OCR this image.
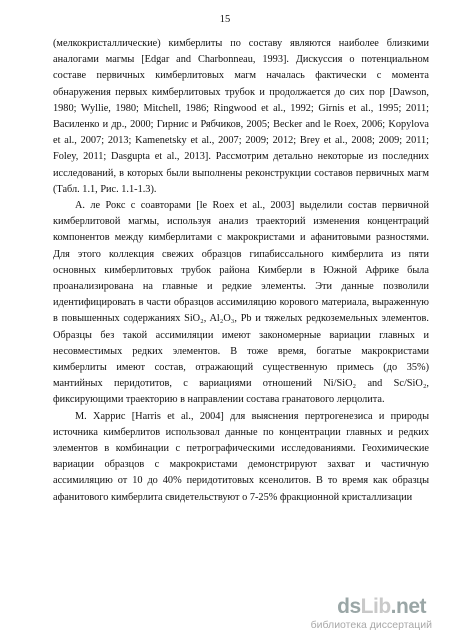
15

(мелкокристаллические) кимберлиты по составу являются наиболее близкими аналогами магмы [Edgar and Charbonneau, 1993]. Дискуссия о потенциальном составе первичных кимберлитовых магм началась фактически с момента обнаружения первых кимберлитовых трубок и продолжается до сих пор [Dawson, 1980; Wyllie, 1980; Mitchell, 1986; Ringwood et al., 1992; Girnis et al., 1995; 2011; Василенко и др., 2000; Гирнис и Рябчиков, 2005; Becker and le Roex, 2006; Kopylova et al., 2007; 2013; Kamenetsky et al., 2007; 2009; 2012; Brey et al., 2008; 2009; 2011; Foley, 2011; Dasgupta et al., 2013]. Рассмотрим детально некоторые из последних исследований, в которых были выполнены реконструкции составов первичных магм (Табл. 1.1, Рис. 1.1-1.3).

А. ле Рокс с соавторами [le Roex et al., 2003] выделили состав первичной кимберлитовой магмы, используя анализ траекторий изменения концентраций компонентов между кимберлитами с макрокристами и афанитовыми разностями. Для этого коллекция свежих образцов гипабиссального кимберлита из пяти основных кимберлитовых трубок района Кимберли в Южной Африке была проанализирована на главные и редкие элементы. Эти данные позволили идентифицировать в части образцов ассимиляцию корового материала, выраженную в повышенных содержаниях SiO₂, Al₂O₃, Pb и тяжелых редкоземельных элементов. Образцы без такой ассимиляции имеют закономерные вариации главных и несовместимых редких элементов. В тоже время, богатые макрокристами кимберлиты имеют состав, отражающий существенную примесь (до 35%) мантийных перидотитов, с вариациями отношений Ni/SiO₂ and Sc/SiO₂, фиксирующими траекторию в направлении состава гранатового лерцолита.

М. Харрис [Harris et al., 2004] для выяснения пертрогенезиса и природы источника кимберлитов использовал данные по концентрации главных и редких элементов в комбинации с петрографическими исследованиями. Геохимические вариации образцов с макрокристами демонстрируют захват и частичную ассимиляцию от 10 до 40% перидотитовых ксенолитов. В то время как образцы афанитового кимберлита свидетельствуют о 7-25% фракционной кристаллизации

dsLib.net
библиотека диссертаций
